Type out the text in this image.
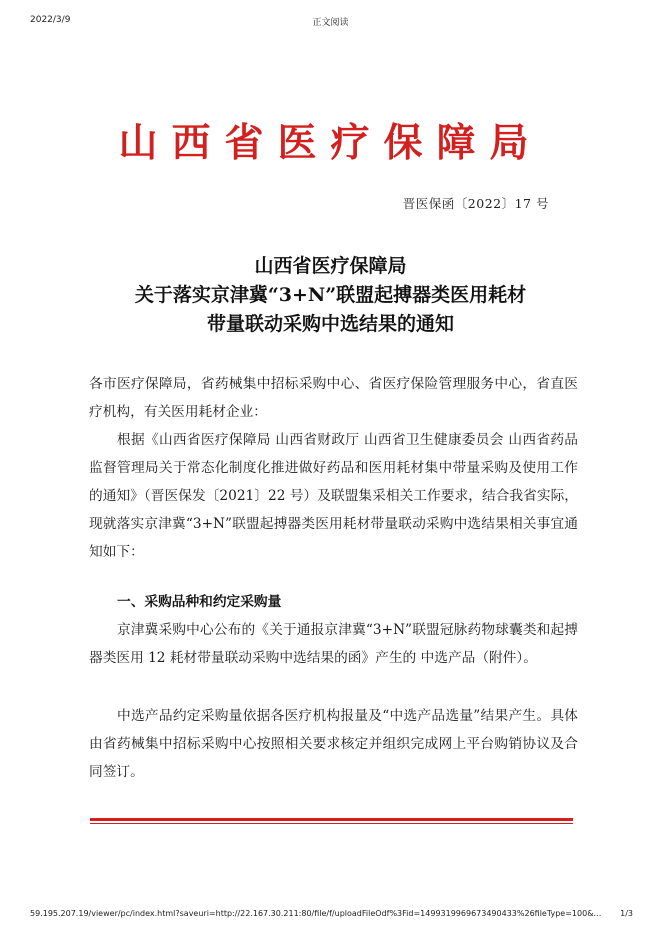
2022/3/9	正文阅读
山西省医疗保障局
晋医保函〔2022〕17 号
山西省医疗保障局
关于落实京津冀“3+N”联盟起搏器类医用耗材
带量联动采购中选结果的通知
各市医疗保障局，省药械集中招标采购中心、省医疗保险管理服务中心，省直医疗机构，有关医用耗材企业：
根据《山西省医疗保障局 山西省财政厅 山西省卫生健康委员会 山西省药品监督管理局关于常态化制度化推进做好药品和医用耗材集中带量采购及使用工作的通知》（晋医保发〔2021〕22 号）及联盟集采相关工作要求，结合我省实际，现就落实京津冀“3+N”联盟起搏器类医用耗材带量联动采购中选结果相关事宜通知如下：
一、采购品种和约定采购量
京津冀采购中心公布的《关于通报京津冀“3+N”联盟冠脉药物球囊类和起搏器类医用 12 耗材带量联动采购中选结果的函》产生的 中选产品（附件）。
中选产品约定采购量依据各医疗机构报量及“中选产品选量”结果产生。具体由省药械集中招标采购中心按照相关要求核定并组织完成网上平台购销协议及合同签订。
59.195.207.19/viewer/pc/index.html?saveuri=http://22.167.30.211:80/file/f/uploadFileOdf%3Fid=1499319969673490433%26fileType=100&…	1/3
